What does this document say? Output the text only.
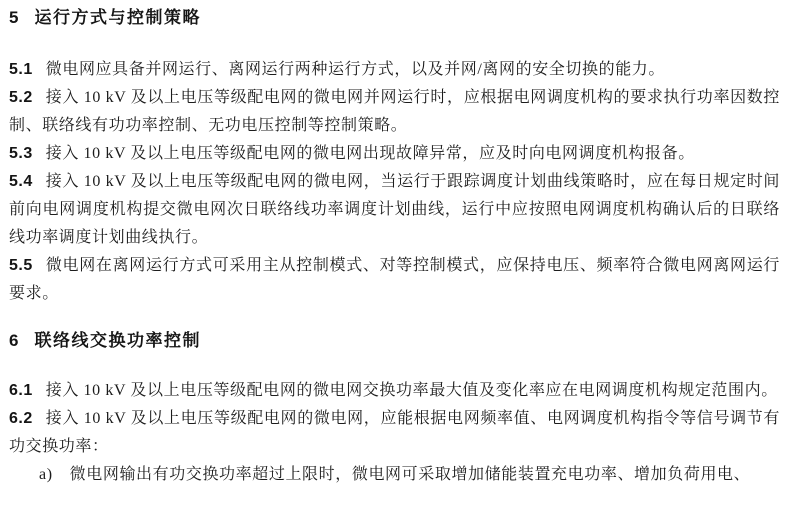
5 运行方式与控制策略

5.1 微电网应具备并网运行、离网运行两种运行方式，以及并网/离网的安全切换的能力。

5.2 接入 10 kV 及以上电压等级配电网的微电网并网运行时，应根据电网调度机构的要求执行功率因数控制、联络线有功功率控制、无功电压控制等控制策略。

5.3 接入 10 kV 及以上电压等级配电网的微电网出现故障异常，应及时向电网调度机构报备。

5.4 接入 10 kV 及以上电压等级配电网的微电网，当运行于跟踪调度计划曲线策略时，应在每日规定时间前向电网调度机构提交微电网次日联络线功率调度计划曲线，运行中应按照电网调度机构确认后的日联络线功率调度计划曲线执行。

5.5 微电网在离网运行方式可采用主从控制模式、对等控制模式，应保持电压、频率符合微电网离网运行要求。

6 联络线交换功率控制

6.1 接入 10 kV 及以上电压等级配电网的微电网交换功率最大值及变化率应在电网调度机构规定范围内。

6.2 接入 10 kV 及以上电压等级配电网的微电网，应能根据电网频率值、电网调度机构指令等信号调节有功交换功率：

a) 微电网输出有功交换功率超过上限时，微电网可采取增加储能装置充电功率、增加负荷用电、
